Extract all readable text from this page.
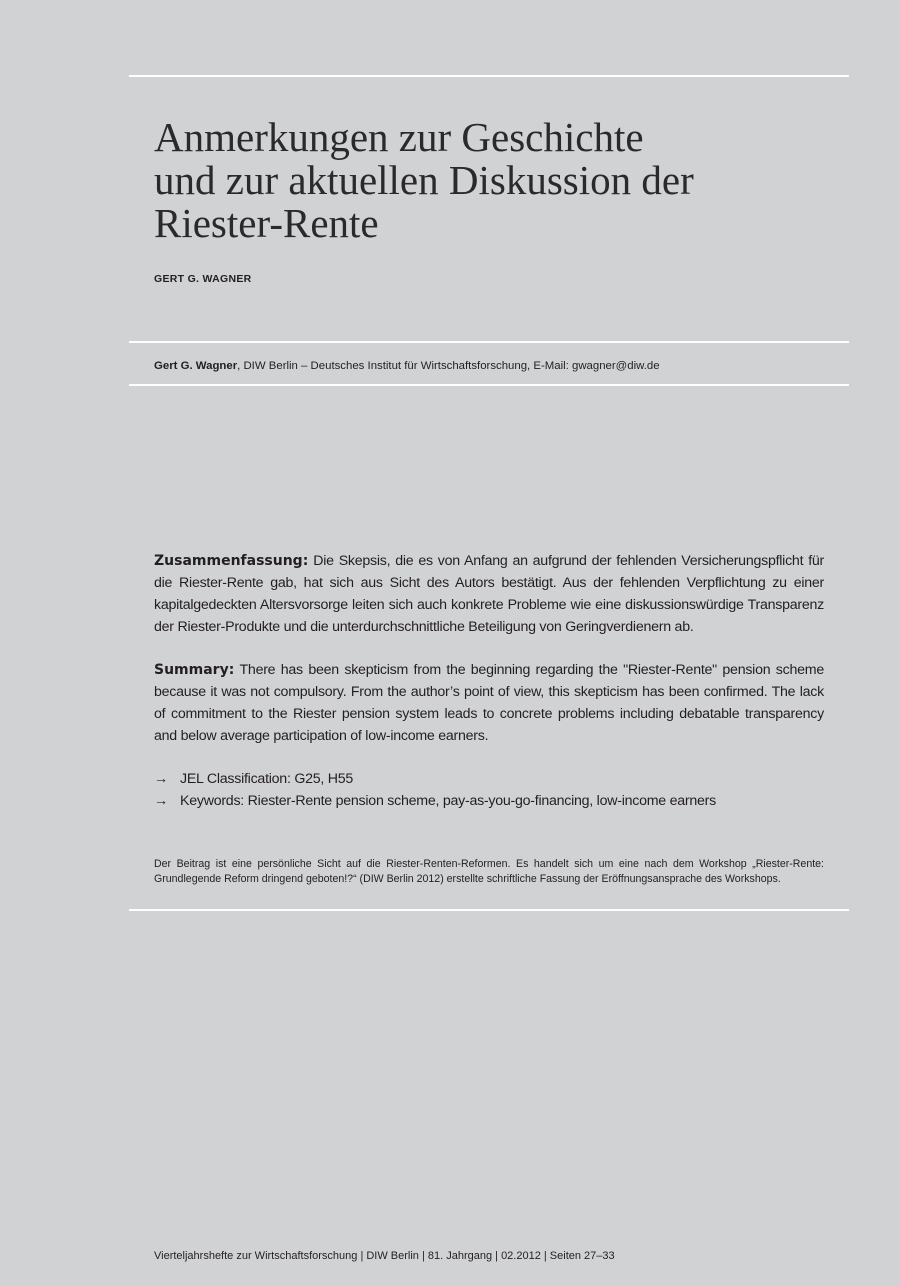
Anmerkungen zur Geschichte
und zur aktuellen Diskussion der
Riester-Rente
GERT G. WAGNER
Gert G. Wagner, DIW Berlin – Deutsches Institut für Wirtschaftsforschung, E-Mail: gwagner@diw.de

Zusammenfassung: Die Skepsis, die es von Anfang an aufgrund der fehlenden Versicherungspflicht für die Riester-Rente gab, hat sich aus Sicht des Autors bestätigt. Aus der fehlenden Verpflichtung zu einer kapitalgedeckten Altersvorsorge leiten sich auch konkrete Probleme wie eine diskussionswürdige Transparenz der Riester-Produkte und die unterdurchschnittliche Beteiligung von Geringverdienern ab.

Summary: There has been skepticism from the beginning regarding the "Riester-Rente" pension scheme because it was not compulsory. From the author’s point of view, this skepticism has been confirmed. The lack of commitment to the Riester pension system leads to concrete problems including debatable transparency and below average participation of low-income earners.

→ JEL Classification: G25, H55
→ Keywords: Riester-Rente pension scheme, pay-as-you-go-financing, low-income earners

Der Beitrag ist eine persönliche Sicht auf die Riester-Renten-Reformen. Es handelt sich um eine nach dem Workshop „Riester-Rente: Grundlegende Reform dringend geboten!?“ (DIW Berlin 2012) erstellte schriftliche Fassung der Eröffnungsansprache des Workshops.

Vierteljahrshefte zur Wirtschaftsforschung | DIW Berlin | 81. Jahrgang | 02.2012 | Seiten 27–33
